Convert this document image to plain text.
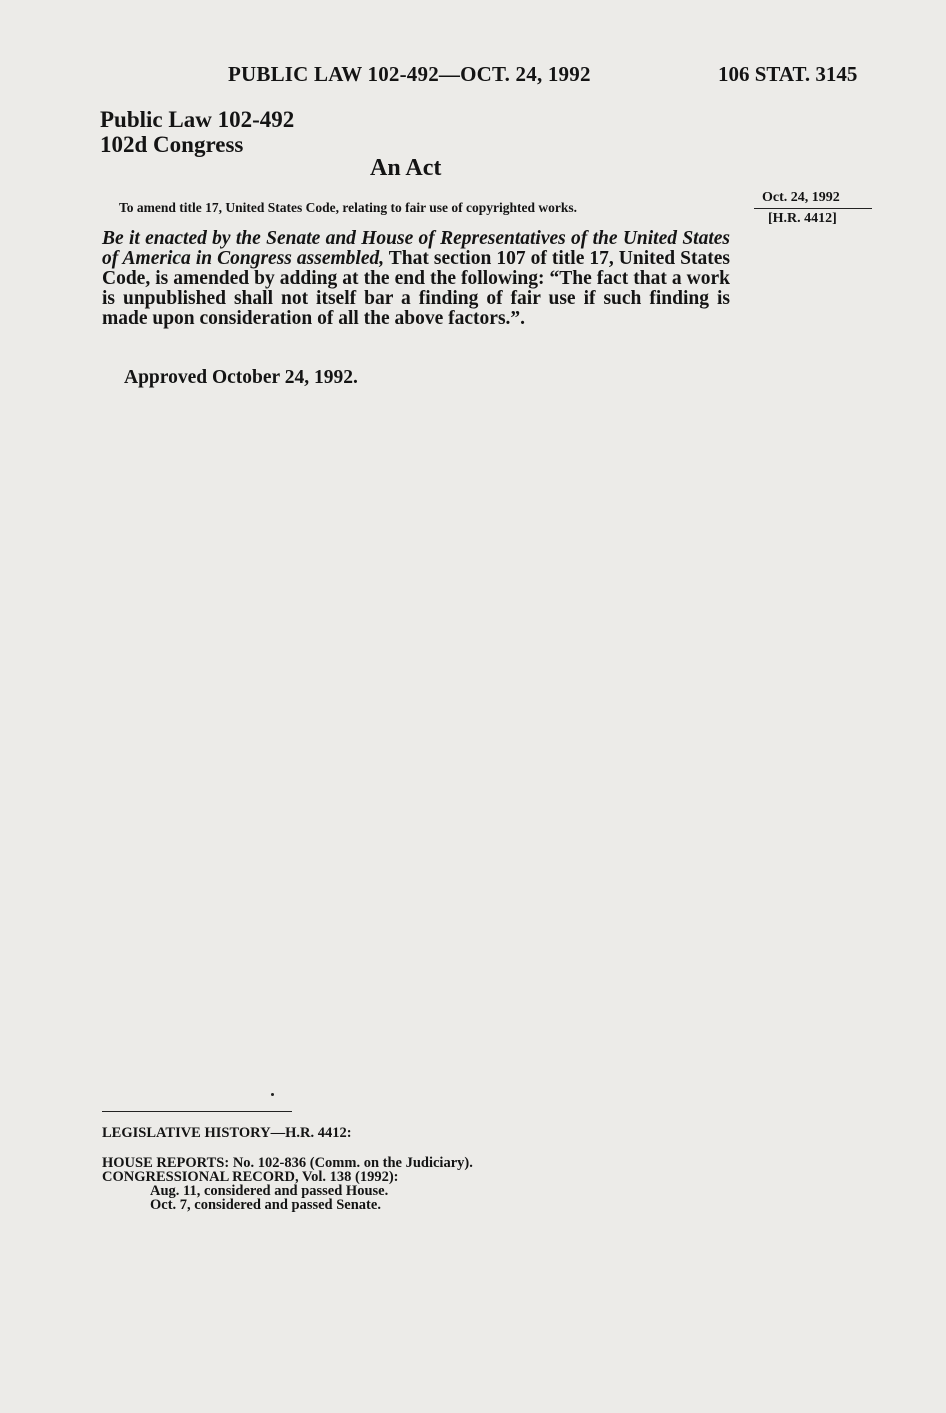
PUBLIC LAW 102-492—OCT. 24, 1992	106 STAT. 3145
Public Law 102-492
102d Congress
An Act
To amend title 17, United States Code, relating to fair use of copyrighted works.
Oct. 24, 1992
[H.R. 4412]
Be it enacted by the Senate and House of Representatives of the United States of America in Congress assembled, That section 107 of title 17, United States Code, is amended by adding at the end the following: “The fact that a work is unpublished shall not itself bar a finding of fair use if such finding is made upon consideration of all the above factors.”.
Approved October 24, 1992.
LEGISLATIVE HISTORY—H.R. 4412:
HOUSE REPORTS: No. 102-836 (Comm. on the Judiciary).
CONGRESSIONAL RECORD, Vol. 138 (1992):
Aug. 11, considered and passed House.
Oct. 7, considered and passed Senate.
